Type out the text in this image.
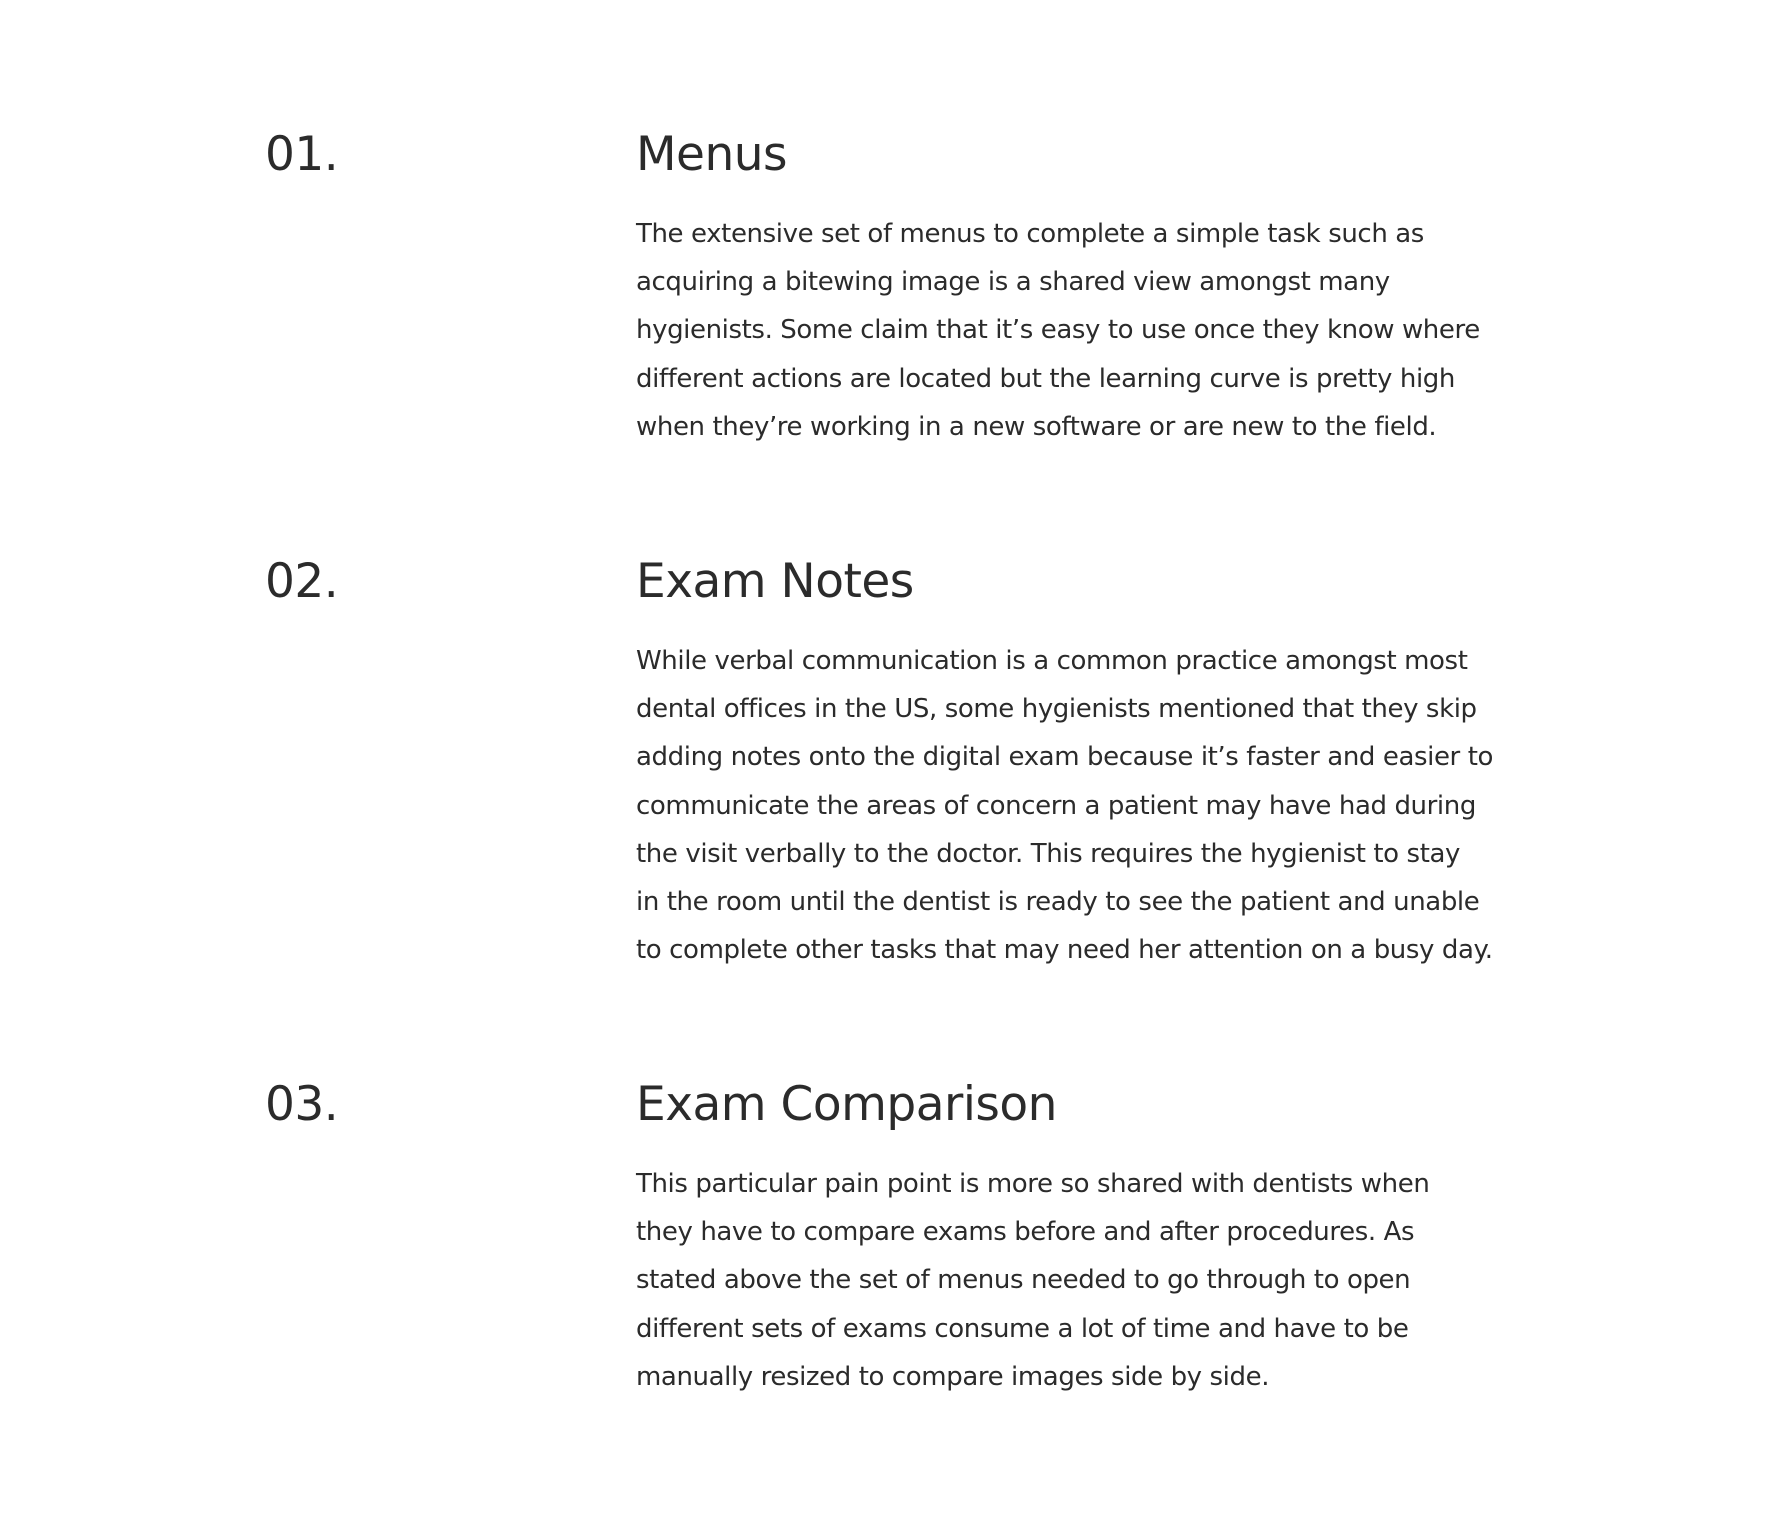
01.	Menus

The extensive set of menus to complete a simple task such as
acquiring a bitewing image is a shared view amongst many
hygienists. Some claim that it’s easy to use once they know where
different actions are located but the learning curve is pretty high
when they’re working in a new software or are new to the field.

02.	Exam Notes

While verbal communication is a common practice amongst most
dental offices in the US, some hygienists mentioned that they skip
adding notes onto the digital exam because it’s faster and easier to
communicate the areas of concern a patient may have had during
the visit verbally to the doctor. This requires the hygienist to stay
in the room until the dentist is ready to see the patient and unable
to complete other tasks that may need her attention on a busy day.

03.	Exam Comparison

This particular pain point is more so shared with dentists when
they have to compare exams before and after procedures. As
stated above the set of menus needed to go through to open
different sets of exams consume a lot of time and have to be
manually resized to compare images side by side.
